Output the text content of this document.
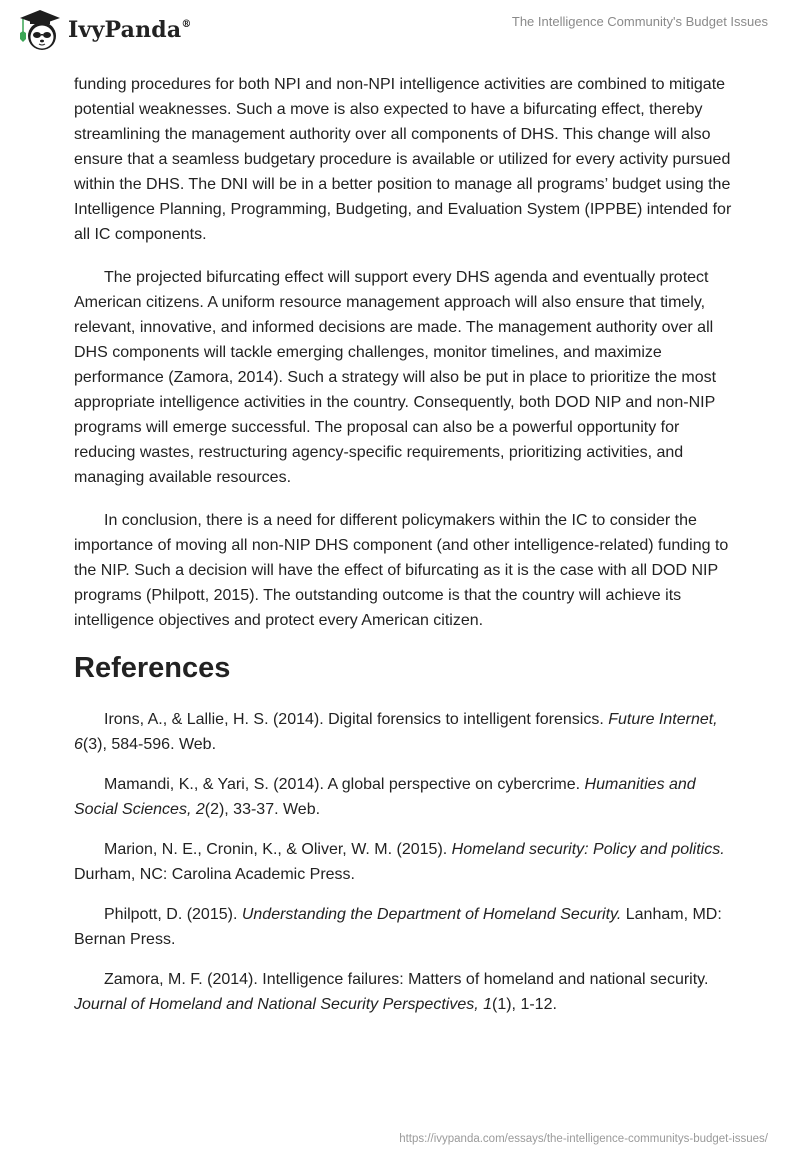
IvyPanda®	The Intelligence Community's Budget Issues

funding procedures for both NPI and non-NPI intelligence activities are combined to mitigate potential weaknesses. Such a move is also expected to have a bifurcating effect, thereby streamlining the management authority over all components of DHS. This change will also ensure that a seamless budgetary procedure is available or utilized for every activity pursued within the DHS. The DNI will be in a better position to manage all programs’ budget using the Intelligence Planning, Programming, Budgeting, and Evaluation System (IPPBE) intended for all IC components.

The projected bifurcating effect will support every DHS agenda and eventually protect American citizens. A uniform resource management approach will also ensure that timely, relevant, innovative, and informed decisions are made. The management authority over all DHS components will tackle emerging challenges, monitor timelines, and maximize performance (Zamora, 2014). Such a strategy will also be put in place to prioritize the most appropriate intelligence activities in the country. Consequently, both DOD NIP and non-NIP programs will emerge successful. The proposal can also be a powerful opportunity for reducing wastes, restructuring agency-specific requirements, prioritizing activities, and managing available resources.

In conclusion, there is a need for different policymakers within the IC to consider the importance of moving all non-NIP DHS component (and other intelligence-related) funding to the NIP. Such a decision will have the effect of bifurcating as it is the case with all DOD NIP programs (Philpott, 2015). The outstanding outcome is that the country will achieve its intelligence objectives and protect every American citizen.

References

Irons, A., & Lallie, H. S. (2014). Digital forensics to intelligent forensics. Future Internet, 6(3), 584-596. Web.

Mamandi, K., & Yari, S. (2014). A global perspective on cybercrime. Humanities and Social Sciences, 2(2), 33-37. Web.

Marion, N. E., Cronin, K., & Oliver, W. M. (2015). Homeland security: Policy and politics. Durham, NC: Carolina Academic Press.

Philpott, D. (2015). Understanding the Department of Homeland Security. Lanham, MD: Bernan Press.

Zamora, M. F. (2014). Intelligence failures: Matters of homeland and national security. Journal of Homeland and National Security Perspectives, 1(1), 1-12.

https://ivypanda.com/essays/the-intelligence-communitys-budget-issues/
